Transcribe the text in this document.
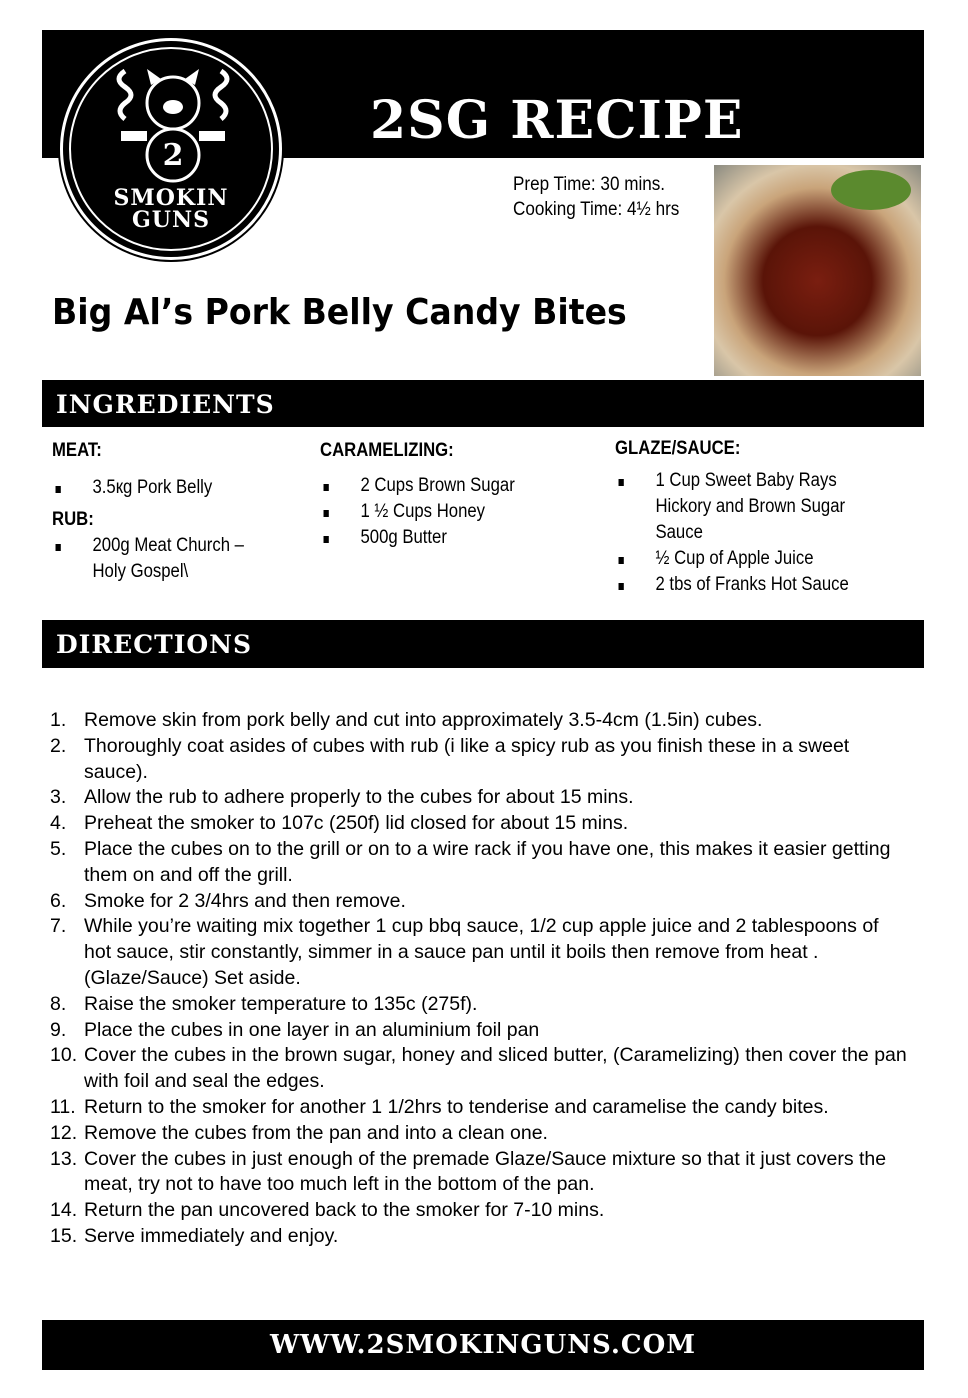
2SG RECIPE
2
SMOKIN
GUNS
Prep Time: 30 mins.
Cooking Time: 4½ hrs
Big Al’s Pork Belly Candy Bites
INGREDIENTS
MEAT:
3.5кg Pork Belly
RUB:
200g Meat Church – Holy Gospel\
CARAMELIZING:
2 Cups Brown Sugar
1 ½ Cups Honey
500g Butter
GLAZE/SAUCE:
1 Cup Sweet Baby Rays Hickory and Brown Sugar Sauce
½ Cup of Apple Juice
2 tbs of Franks Hot Sauce
DIRECTIONS
1. Remove skin from pork belly and cut into approximately 3.5-4cm (1.5in) cubes.
2. Thoroughly coat asides of cubes with rub (i like a spicy rub as you finish these in a sweet sauce).
3. Allow the rub to adhere properly to the cubes for about 15 mins.
4. Preheat the smoker to 107c (250f) lid closed for about 15 mins.
5. Place the cubes on to the grill or on to a wire rack if you have one, this makes it easier getting them on and off the grill.
6. Smoke for 2 3/4hrs and then remove.
7. While you’re waiting mix together 1 cup bbq sauce, 1/2 cup apple juice and 2 tablespoons of hot sauce, stir constantly, simmer in a sauce pan until it boils then remove from heat . (Glaze/Sauce) Set aside.
8. Raise the smoker temperature to 135c (275f).
9. Place the cubes in one layer in an aluminium foil pan
10. Cover the cubes in the brown sugar, honey and sliced butter, (Caramelizing) then cover the pan with foil and seal the edges.
11. Return to the smoker for another 1 1/2hrs to tenderise and caramelise the candy bites.
12. Remove the cubes from the pan and into a clean one.
13. Cover the cubes in just enough of the premade Glaze/Sauce mixture so that it just covers the meat, try not to have too much left in the bottom of the pan.
14. Return the pan uncovered back to the smoker for 7-10 mins.
15. Serve immediately and enjoy.
WWW.2SMOKINGUNS.COM
